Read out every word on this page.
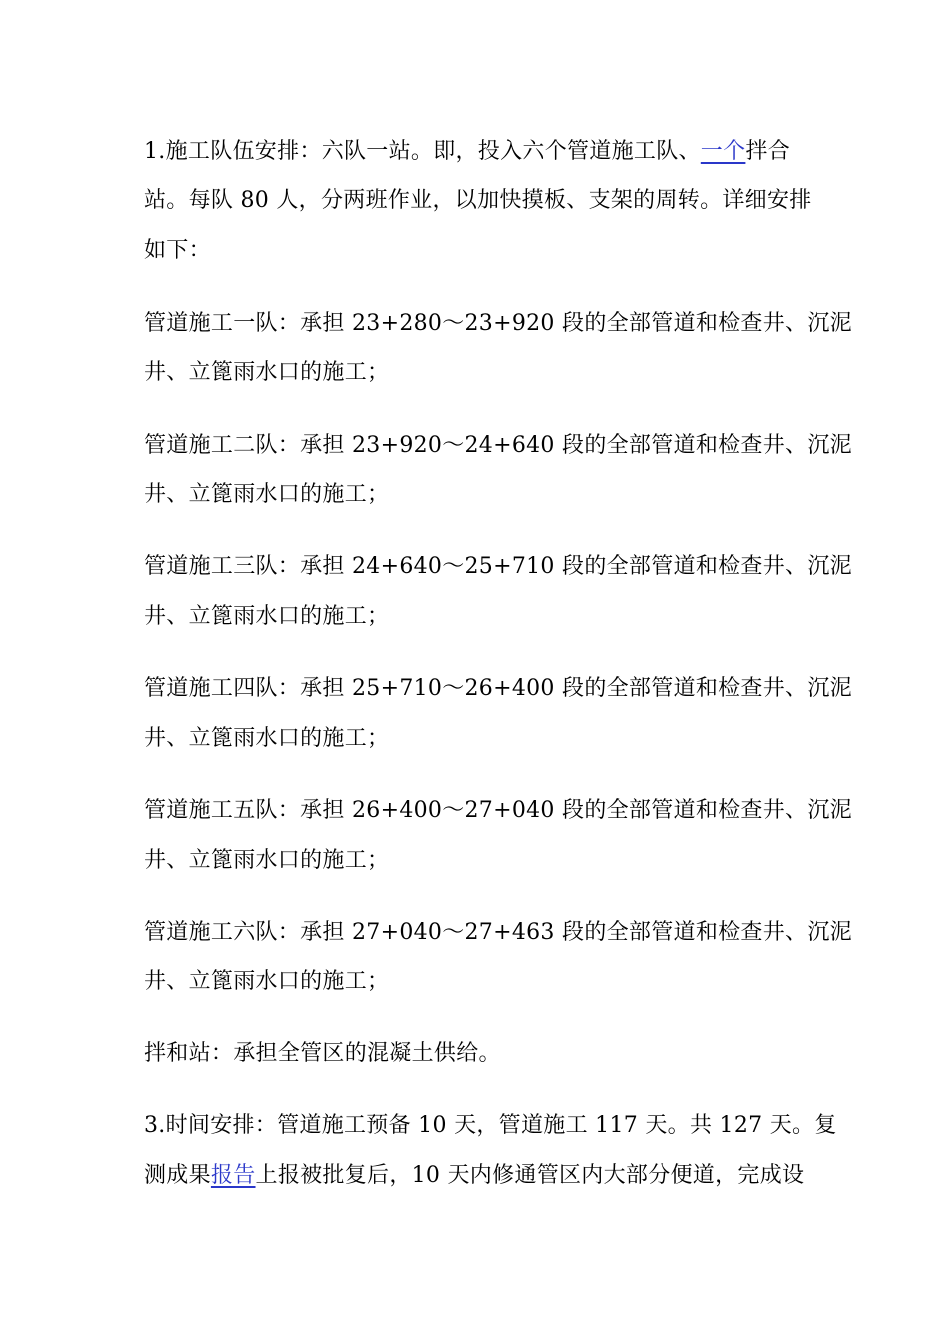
1.施工队伍安排：六队一站。即，投入六个管道施工队、一个拌合
站。每队 80 人，分两班作业，以加快摸板、支架的周转。详细安排
如下：
管道施工一队：承担 23+280～23+920 段的全部管道和检查井、沉泥
井、立篦雨水口的施工；
管道施工二队：承担 23+920～24+640 段的全部管道和检查井、沉泥
井、立篦雨水口的施工；
管道施工三队：承担 24+640～25+710 段的全部管道和检查井、沉泥
井、立篦雨水口的施工；
管道施工四队：承担 25+710～26+400 段的全部管道和检查井、沉泥
井、立篦雨水口的施工；
管道施工五队：承担 26+400～27+040 段的全部管道和检查井、沉泥
井、立篦雨水口的施工；
管道施工六队：承担 27+040～27+463 段的全部管道和检查井、沉泥
井、立篦雨水口的施工；
拌和站：承担全管区的混凝土供给。
3.时间安排：管道施工预备 10 天，管道施工 117 天。共 127 天。复
测成果报告上报被批复后，10 天内修通管区内大部分便道，完成设
